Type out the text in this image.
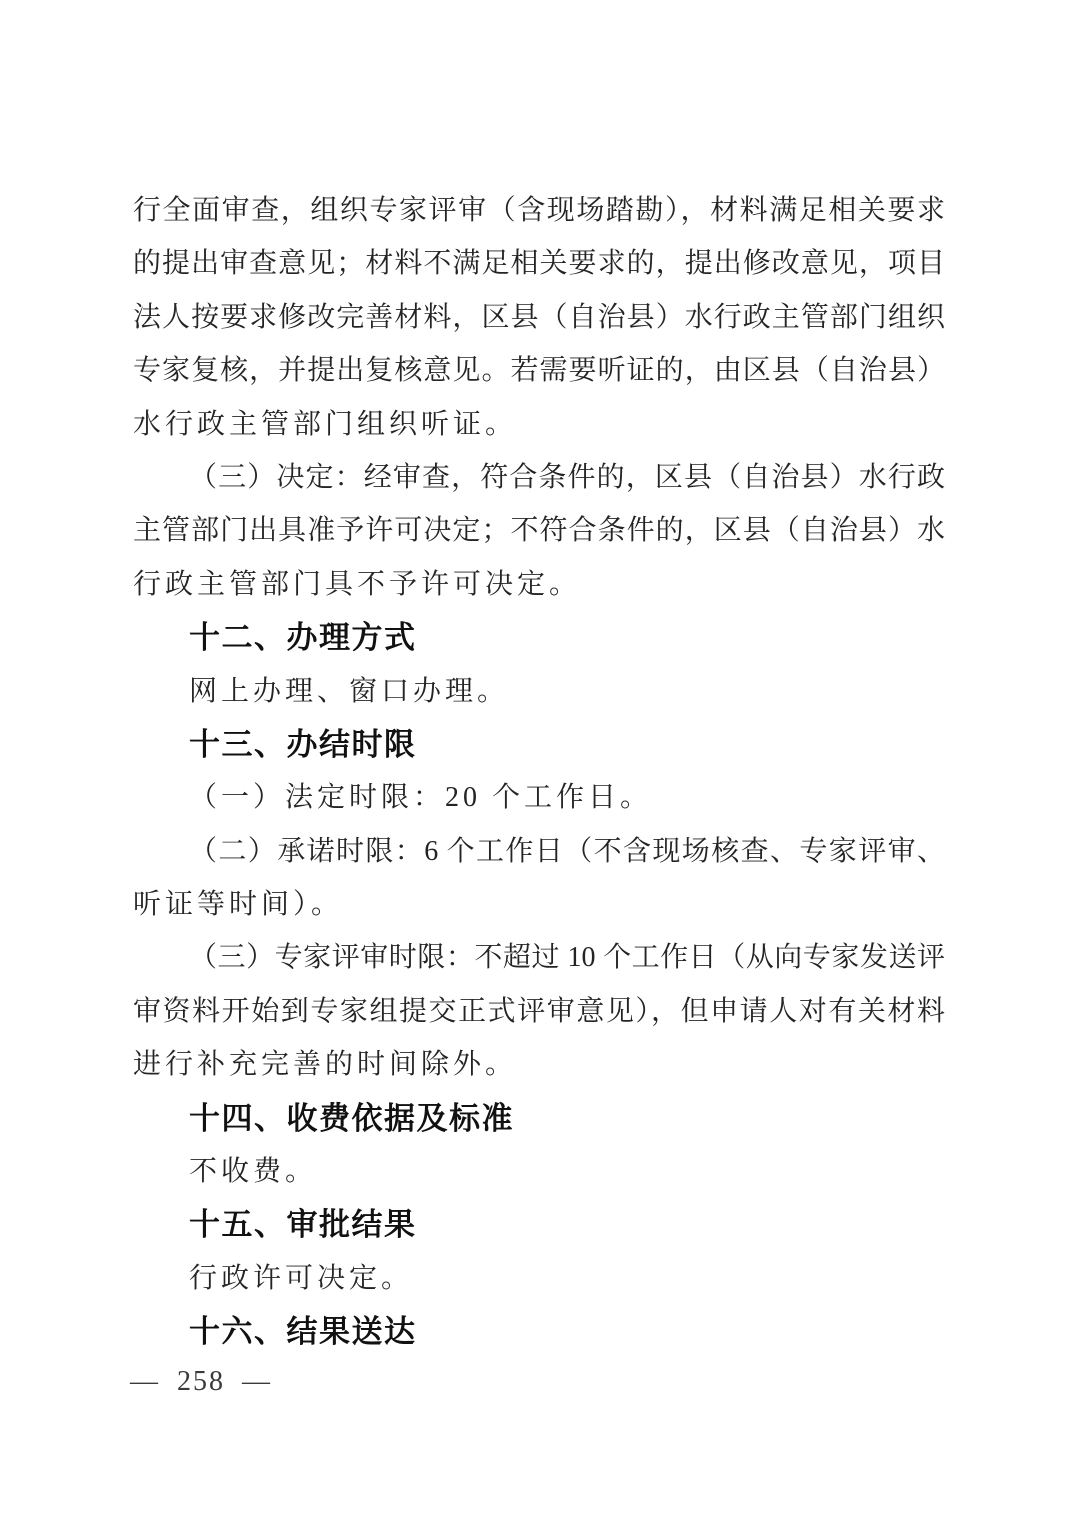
行全面审查，组织专家评审（含现场踏勘），材料满足相关要求
的提出审查意见；材料不满足相关要求的，提出修改意见，项目
法人按要求修改完善材料，区县（自治县）水行政主管部门组织
专家复核，并提出复核意见。若需要听证的，由区县（自治县）
水行政主管部门组织听证。
（三）决定：经审查，符合条件的，区县（自治县）水行政
主管部门出具准予许可决定；不符合条件的，区县（自治县）水
行政主管部门具不予许可决定。
十二、办理方式
网上办理、窗口办理。
十三、办结时限
（一）法定时限：20 个工作日。
（二）承诺时限：6 个工作日（不含现场核查、专家评审、
听证等时间）。
（三）专家评审时限：不超过 10 个工作日（从向专家发送评
审资料开始到专家组提交正式评审意见），但申请人对有关材料
进行补充完善的时间除外。
十四、收费依据及标准
不收费。
十五、审批结果
行政许可决定。
十六、结果送达
— 258 —
